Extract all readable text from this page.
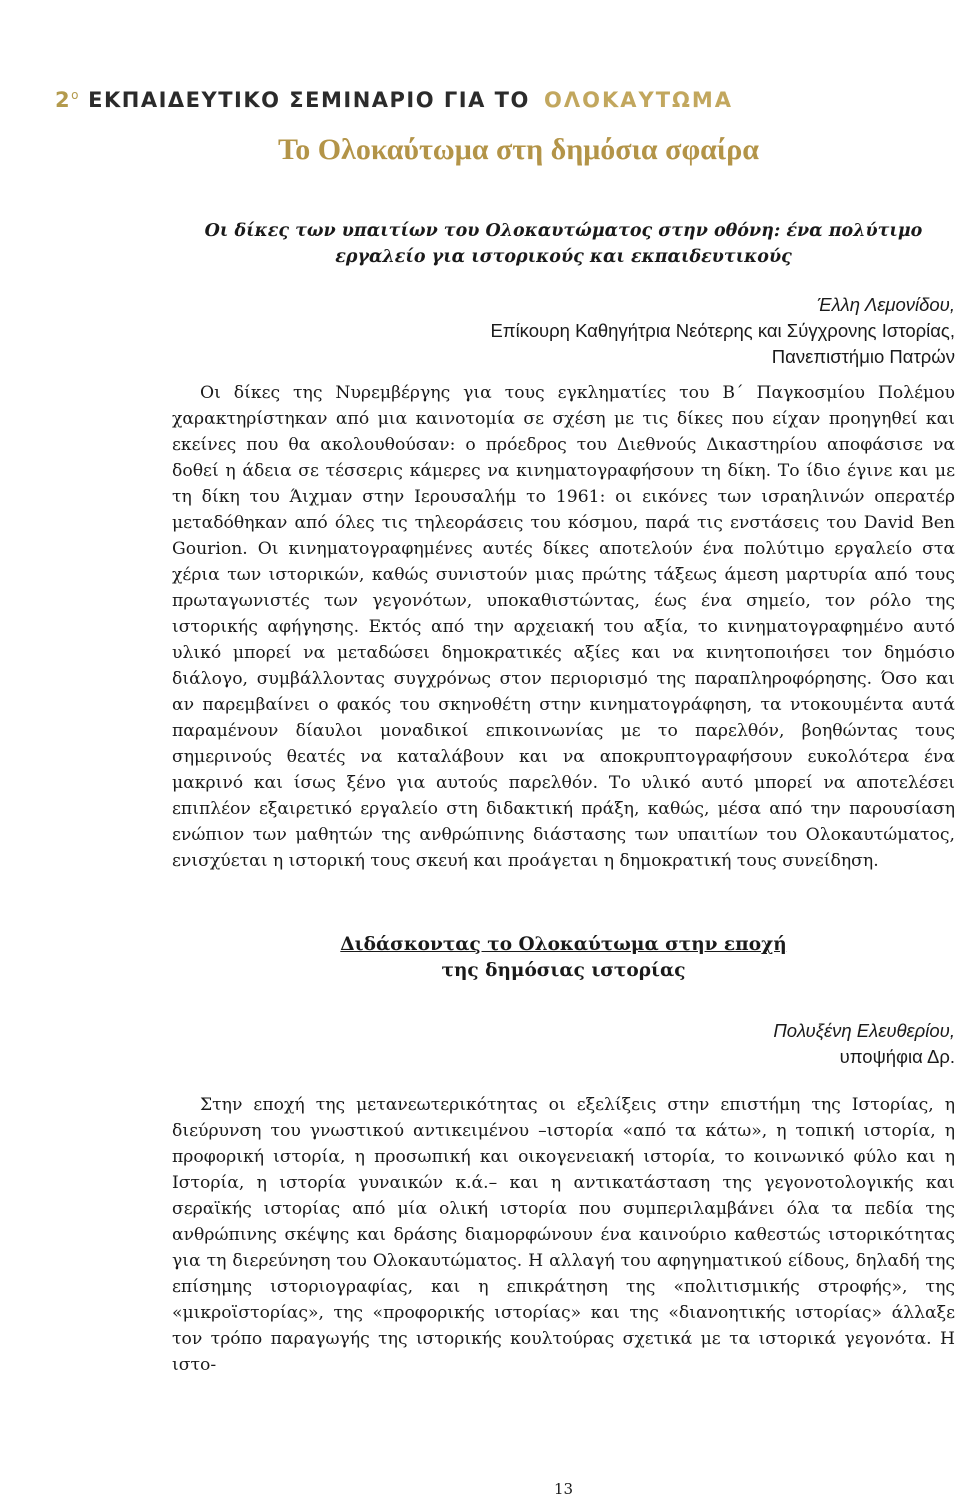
$2^o$ ΕΚΠΑΙΔΕΥΤΙΚΟ ΣΕΜΙΝΑΡΙΟ ΓΙΑ ΤΟ ΟΛΟΚΑΥΤΩΜΑ
Το Ολοκαύτωμα στη δημόσια σφαίρα
Οι δίκες των υπαιτίων του Ολοκαυτώματος στην οθόνη: ένα πολύτιμο
εργαλείο για ιστορικούς και εκπαιδευτικούς
Έλλη Λεμονίδου,
Επίκουρη Καθηγήτρια Νεότερης και Σύγχρονης Ιστορίας,
Πανεπιστήμιο Πατρών

Οι δίκες της Νυρεμβέργης για τους εγκληματίες του Β΄ Παγκοσμίου Πολέμου χαρακτηρίστηκαν από μια καινοτομία σε σχέση με τις δίκες που είχαν προηγηθεί και εκείνες που θα ακολουθούσαν: ο πρόεδρος του Διεθνούς Δικαστηρίου αποφάσισε να δοθεί η άδεια σε τέσσερις κάμερες να κινηματογραφήσουν τη δίκη. Το ίδιο έγινε και με τη δίκη του Άιχμαν στην Ιερουσαλήμ το 1961: οι εικόνες των ισραηλινών οπερατέρ μεταδόθηκαν από όλες τις τηλεοράσεις του κόσμου, παρά τις ενστάσεις του David Ben Gourion. Οι κινηματογραφημένες αυτές δίκες αποτελούν ένα πολύτιμο εργαλείο στα χέρια των ιστορικών, καθώς συνιστούν μιας πρώτης τάξεως άμεση μαρτυρία από τους πρωταγωνιστές των γεγονότων, υποκαθιστώντας, έως ένα σημείο, τον ρόλο της ιστορικής αφήγησης. Εκτός από την αρχειακή του αξία, το κινηματογραφημένο αυτό υλικό μπορεί να μεταδώσει δημοκρατικές αξίες και να κινητοποιήσει τον δημόσιο διάλογο, συμβάλλοντας συγχρόνως στον περιορισμό της παραπληροφόρησης. Όσο και αν παρεμβαίνει ο φακός του σκηνοθέτη στην κινηματογράφηση, τα ντοκουμέντα αυτά παραμένουν δίαυλοι μοναδικοί επικοινωνίας με το παρελθόν, βοηθώντας τους σημερινούς θεατές να καταλάβουν και να αποκρυπτογραφήσουν ευκολότερα ένα μακρινό και ίσως ξένο για αυτούς παρελθόν. Το υλικό αυτό μπορεί να αποτελέσει επιπλέον εξαιρετικό εργαλείο στη διδακτική πράξη, καθώς, μέσα από την παρουσίαση ενώπιον των μαθητών της ανθρώπινης διάστασης των υπαιτίων του Ολοκαυτώματος, ενισχύεται η ιστορική τους σκευή και προάγεται η δημοκρατική τους συνείδηση.

Διδάσκοντας το Ολοκαύτωμα στην εποχή
της δημόσιας ιστορίας
Πολυξένη Ελευθερίου,
υποψήφια Δρ.

Στην εποχή της μετανεωτερικότητας οι εξελίξεις στην επιστήμη της Ιστορίας, η διεύρυνση του γνωστικού αντικειμένου –ιστορία «από τα κάτω», η τοπική ιστορία, η προφορική ιστορία, η προσωπική και οικογενειακή ιστορία, το κοινωνικό φύλο και η Ιστορία, η ιστορία γυναικών κ.ά.– και η αντικατάσταση της γεγονοτολογικής και σεραϊκής ιστορίας από μία ολική ιστορία που συμπεριλαμβάνει όλα τα πεδία της ανθρώπινης σκέψης και δράσης διαμορφώνουν ένα καινούριο καθεστώς ιστορικότητας για τη διερεύνηση του Ολοκαυτώματος. Η αλλαγή του αφηγηματικού είδους, δηλαδή της επίσημης ιστοριογραφίας, και η επικράτηση της «πολιτισμικής στροφής», της «μικροϊστορίας», της «προφορικής ιστορίας» και της «διανοητικής ιστορίας» άλλαξε τον τρόπο παραγωγής της ιστορικής κουλτούρας σχετικά με τα ιστορικά γεγονότα. Η ιστο-

13
